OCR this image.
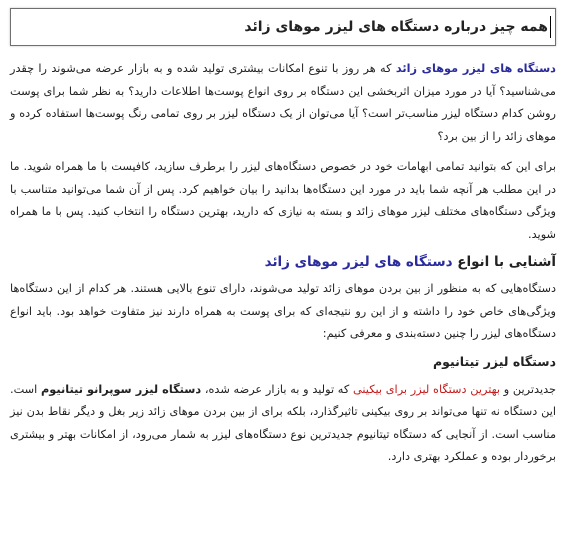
همه چیز درباره دستگاه های لیزر موهای زائد

دستگاه های لیزر موهای زائد که هر روز با تنوع امکانات بیشتری تولید شده و به بازار عرضه می‌شوند را چقدر می‌شناسید؟ آیا در مورد میزان اثربخشی این دستگاه بر روی انواع پوست‌ها اطلاعات دارید؟ به نظر شما برای پوست روشن کدام دستگاه لیزر مناسب‌تر است؟ آیا می‌توان از یک دستگاه لیزر بر روی تمامی رنگ پوست‌ها استفاده کرده و موهای زائد را از بین برد؟

برای این که بتوانید تمامی ابهامات خود در خصوص دستگاه‌های لیزر را برطرف سازید، کافیست با ما همراه شوید. ما در این مطلب هر آنچه شما باید در مورد این دستگاه‌ها بدانید را بیان خواهیم کرد. پس از آن شما می‌توانید متناسب با ویژگی دستگاه‌های مختلف لیزر موهای زائد و بسته به نیازی که دارید، بهترین دستگاه را انتخاب کنید. پس با ما همراه شوید.

آشنایی با انواع دستگاه های لیزر موهای زائد

دستگاه‌هایی که به منظور از بین بردن موهای زائد تولید می‌شوند، دارای تنوع بالایی هستند. هر کدام از این دستگاه‌ها ویژگی‌های خاص خود را داشته و از این رو نتیجه‌ای که برای پوست به همراه دارند نیز متفاوت خواهد بود. باید انواع دستگاه‌های لیزر را چنین دسته‌بندی و معرفی کنیم:

دستگاه لیزر تیتانیوم

جدیدترین و بهترین دستگاه لیزر برای بیکینی که تولید و به بازار عرضه شده، دستگاه لیزر سوپرانو تیتانیوم است. این دستگاه نه تنها می‌تواند بر روی بیکینی تاثیرگذارد، بلکه برای از بین بردن موهای زائد زیر بغل و دیگر نقاط بدن نیز مناسب است. از آنجایی که دستگاه تیتانیوم جدیدترین نوع دستگاه‌های لیزر به شمار می‌رود، از امکانات بهتر و بیشتری برخوردار بوده و عملکرد بهتری دارد.
